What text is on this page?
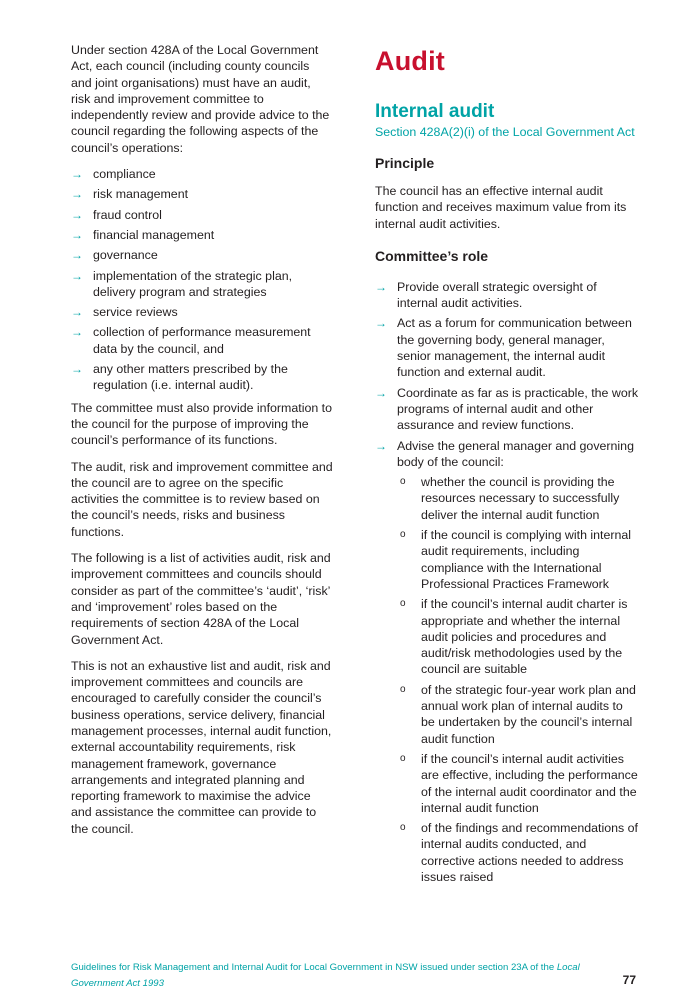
Under section 428A of the Local Government Act, each council (including county councils and joint organisations) must have an audit, risk and improvement committee to independently review and provide advice to the council regarding the following aspects of the council’s operations:

→ compliance
→ risk management
→ fraud control
→ financial management
→ governance
→ implementation of the strategic plan, delivery program and strategies
→ service reviews
→ collection of performance measurement data by the council, and
→ any other matters prescribed by the regulation (i.e. internal audit).

The committee must also provide information to the council for the purpose of improving the council’s performance of its functions.

The audit, risk and improvement committee and the council are to agree on the specific activities the committee is to review based on the council’s needs, risks and business functions.

The following is a list of activities audit, risk and improvement committees and councils should consider as part of the committee’s ‘audit’, ‘risk’ and ‘improvement’ roles based on the requirements of section 428A of the Local Government Act.

This is not an exhaustive list and audit, risk and improvement committees and councils are encouraged to carefully consider the council’s business operations, service delivery, financial management processes, internal audit function, external accountability requirements, risk management framework, governance arrangements and integrated planning and reporting framework to maximise the advice and assistance the committee can provide to the council.

Audit
Internal audit
Section 428A(2)(i) of the Local Government Act
Principle

The council has an effective internal audit function and receives maximum value from its internal audit activities.

Committee’s role
→ Provide overall strategic oversight of internal audit activities.
→ Act as a forum for communication between the governing body, general manager, senior management, the internal audit function and external audit.
→ Coordinate as far as is practicable, the work programs of internal audit and other assurance and review functions.
→ Advise the general manager and governing body of the council:
o whether the council is providing the resources necessary to successfully deliver the internal audit function
o if the council is complying with internal audit requirements, including compliance with the International Professional Practices Framework
o if the council’s internal audit charter is appropriate and whether the internal audit policies and procedures and audit/risk methodologies used by the council are suitable
o of the strategic four-year work plan and annual work plan of internal audits to be undertaken by the council’s internal audit function
o if the council’s internal audit activities are effective, including the performance of the internal audit coordinator and the internal audit function
o of the findings and recommendations of internal audits conducted, and corrective actions needed to address issues raised
Guidelines for Risk Management and Internal Audit for Local Government in NSW issued under section 23A of the Local Government Act 1993	77
